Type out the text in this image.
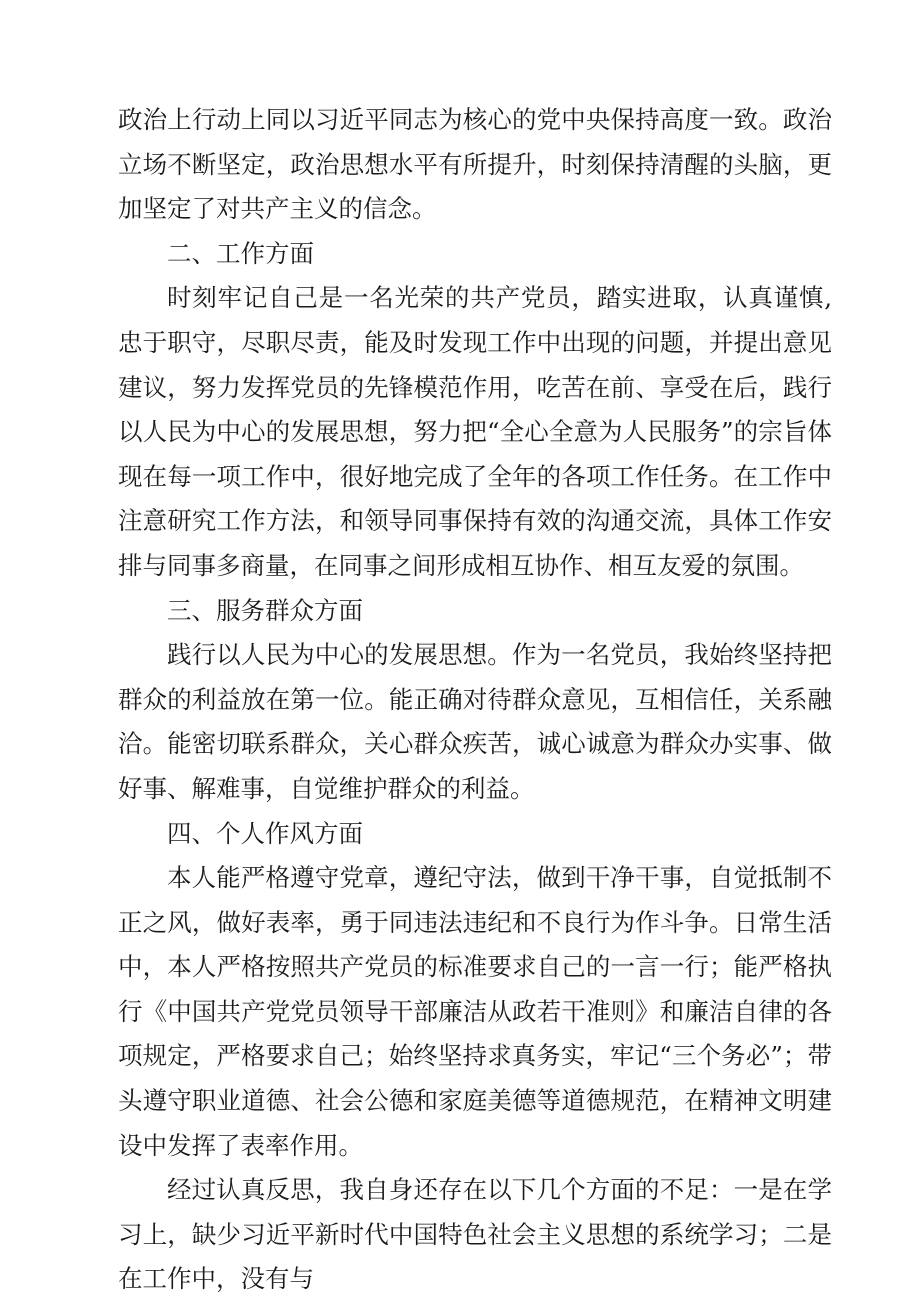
政治上行动上同以习近平同志为核心的党中央保持高度一致。政治立场不断坚定，政治思想水平有所提升，时刻保持清醒的头脑，更加坚定了对共产主义的信念。

二、工作方面

时刻牢记自己是一名光荣的共产党员，踏实进取，认真谨慎,忠于职守，尽职尽责，能及时发现工作中出现的问题，并提出意见建议，努力发挥党员的先锋模范作用，吃苦在前、享受在后，践行以人民为中心的发展思想，努力把“全心全意为人民服务”的宗旨体现在每一项工作中，很好地完成了全年的各项工作任务。在工作中注意研究工作方法，和领导同事保持有效的沟通交流，具体工作安排与同事多商量，在同事之间形成相互协作、相互友爱的氛围。

三、服务群众方面

践行以人民为中心的发展思想。作为一名党员，我始终坚持把群众的利益放在第一位。能正确对待群众意见，互相信任，关系融洽。能密切联系群众，关心群众疾苦，诚心诚意为群众办实事、做好事、解难事，自觉维护群众的利益。

四、个人作风方面

本人能严格遵守党章，遵纪守法，做到干净干事，自觉抵制不正之风，做好表率，勇于同违法违纪和不良行为作斗争。日常生活中，本人严格按照共产党员的标准要求自己的一言一行；能严格执行《中国共产党党员领导干部廉洁从政若干准则》和廉洁自律的各项规定，严格要求自己；始终坚持求真务实，牢记“三个务必”；带头遵守职业道德、社会公德和家庭美德等道德规范，在精神文明建设中发挥了表率作用。

经过认真反思，我自身还存在以下几个方面的不足：一是在学习上，缺少习近平新时代中国特色社会主义思想的系统学习；二是在工作中，没有与
